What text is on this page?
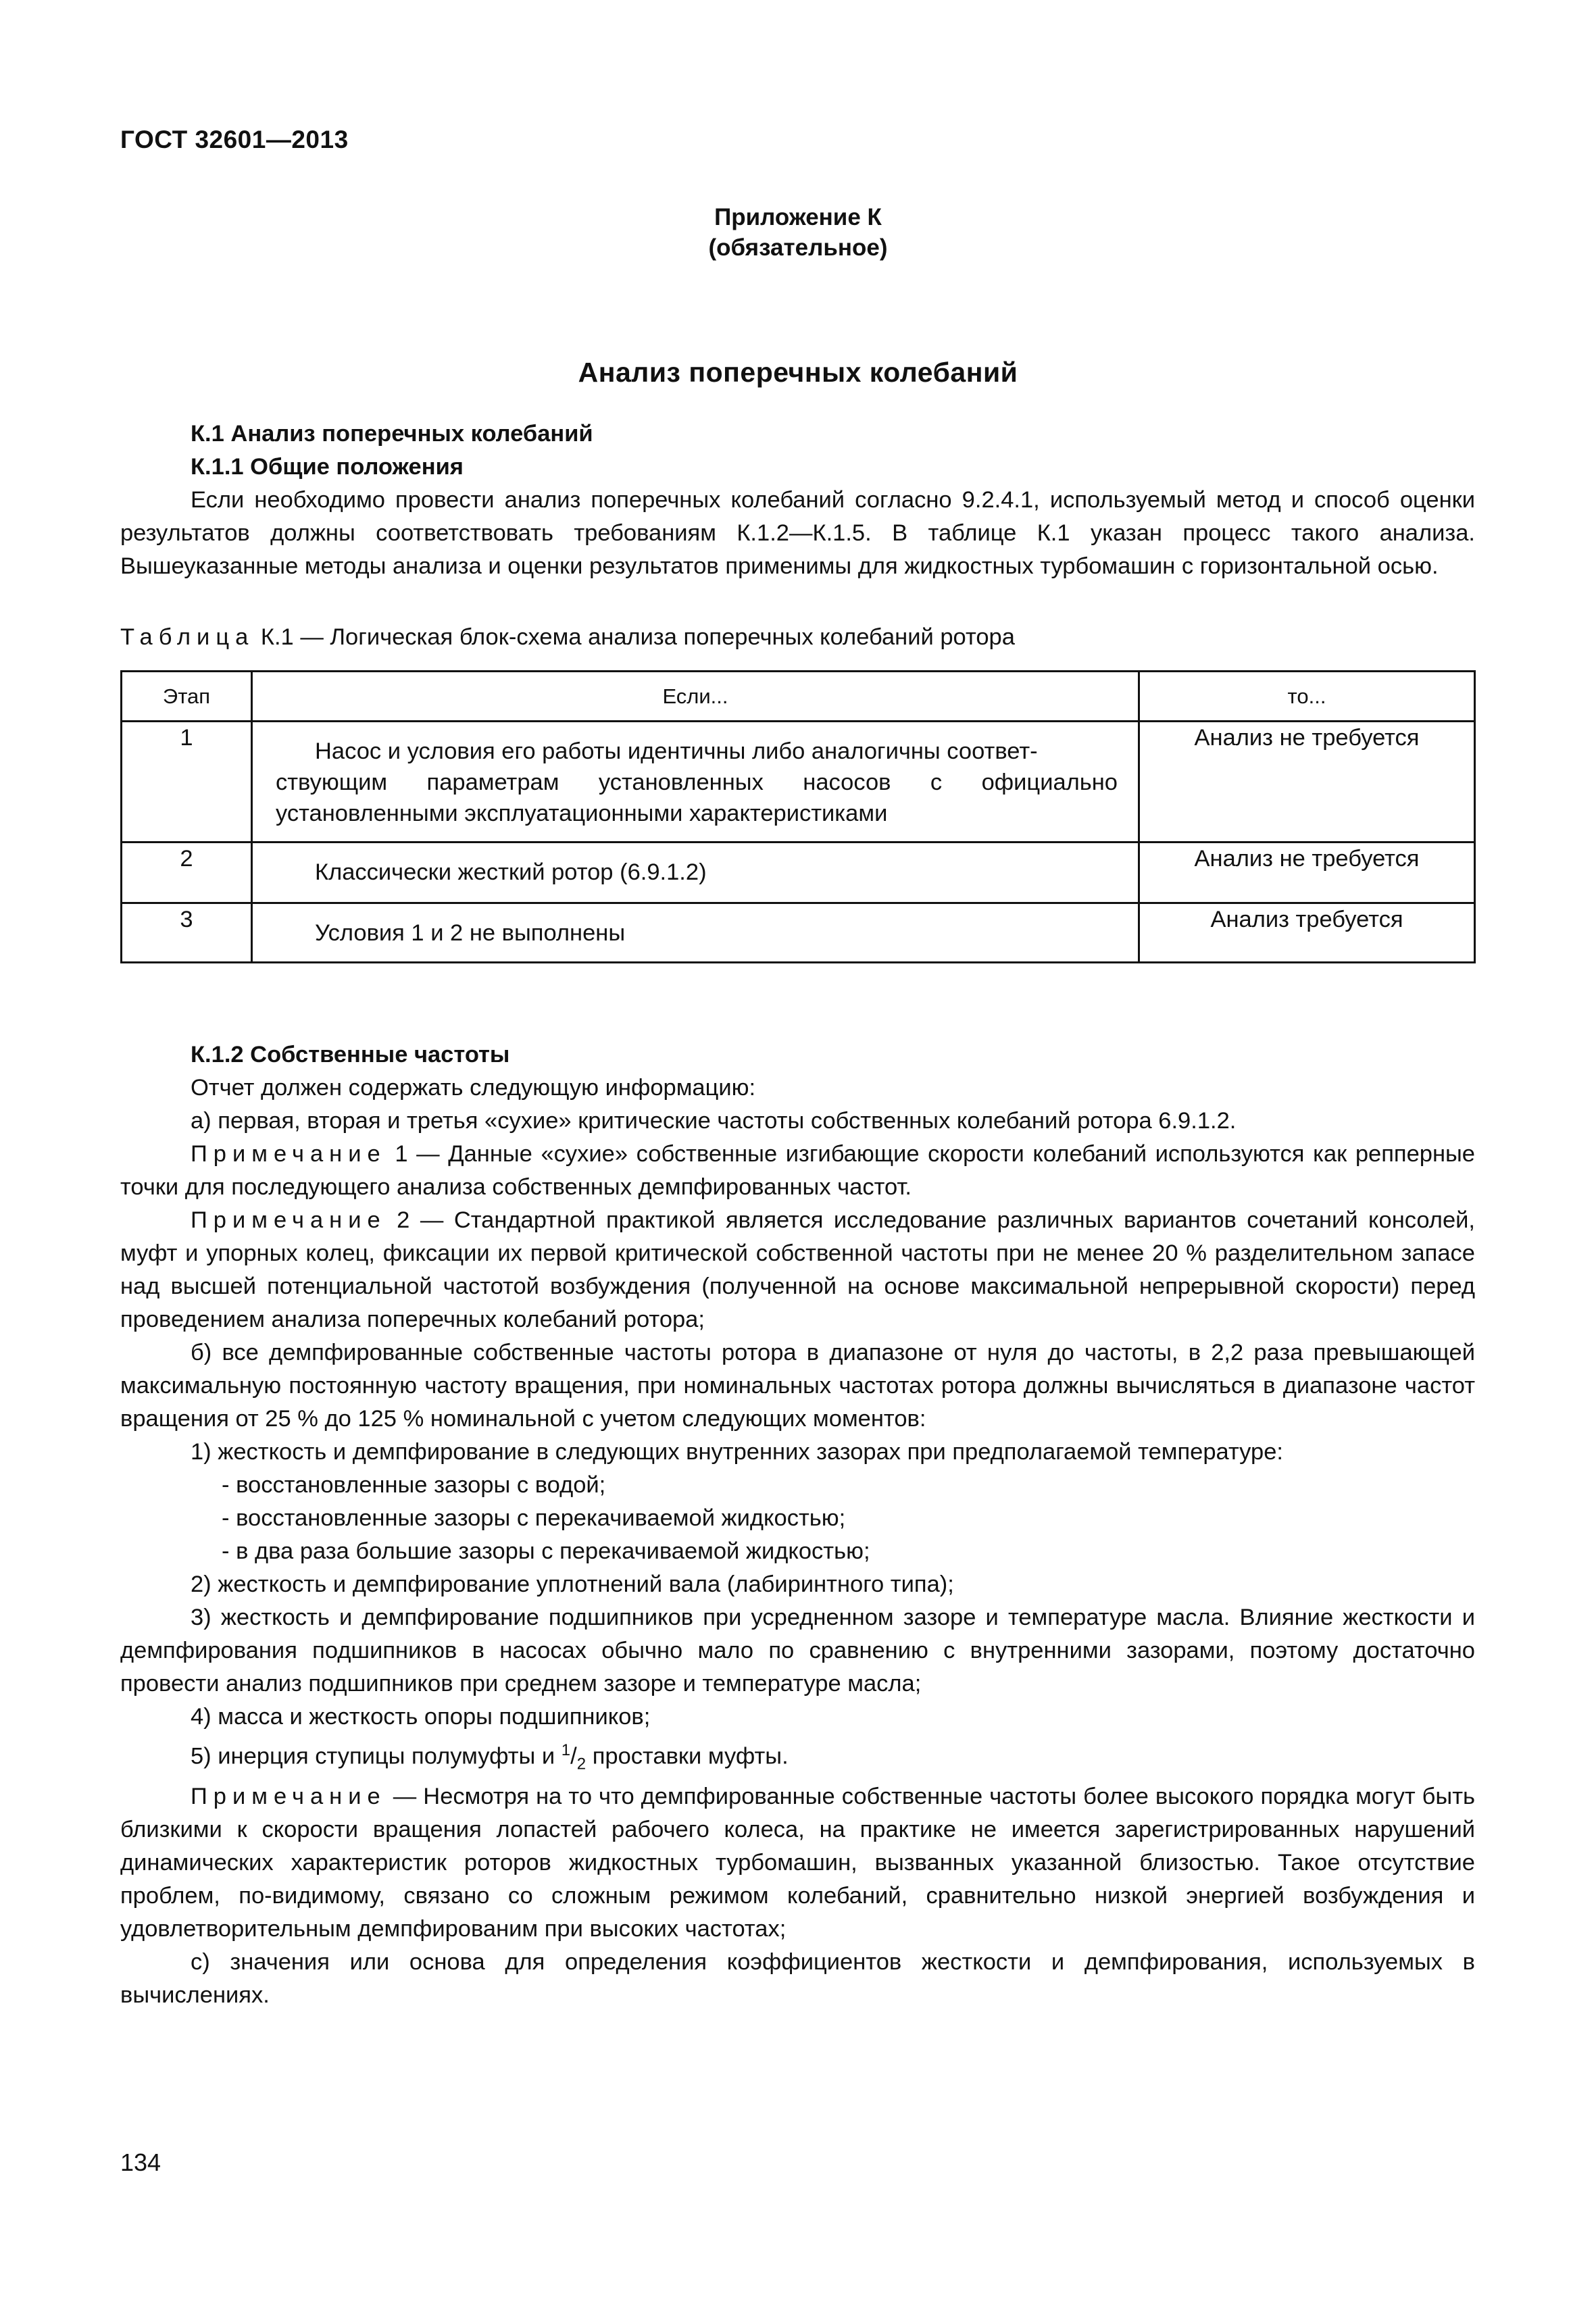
ГОСТ 32601—2013
Приложение К
(обязательное)
Анализ поперечных колебаний

К.1 Анализ поперечных колебаний

К.1.1 Общие положения

Если необходимо провести анализ поперечных колебаний согласно 9.2.4.1, используемый метод и способ оценки результатов должны соответствовать требованиям К.1.2—К.1.5. В таблице К.1 указан процесс такого анализа. Вышеуказанные методы анализа и оценки результатов применимы для жидкостных турбомашин с горизонтальной осью.

Таблица К.1 — Логическая блок-схема анализа поперечных колебаний ротора
Этап	Если...	то...
1	Насос и условия его работы идентичны либо аналогичны соответ-
ствующим параметрам установленных насосов с официально установленными эксплуатационными характеристиками	Анализ не требуется
2	Классически жесткий ротор (6.9.1.2)	Анализ не требуется
3	Условия 1 и 2 не выполнены	Анализ требуется

К.1.2 Собственные частоты

Отчет должен содержать следующую информацию:

а) первая, вторая и третья «сухие» критические частоты собственных колебаний ротора 6.9.1.2.

Примечание 1 — Данные «сухие» собственные изгибающие скорости колебаний используются как репперные точки для последующего анализа собственных демпфированных частот.

Примечание 2 — Стандартной практикой является исследование различных вариантов сочетаний консолей, муфт и упорных колец, фиксации их первой критической собственной частоты при не менее 20 % разделительном запасе над высшей потенциальной частотой возбуждения (полученной на основе максимальной непрерывной скорости) перед проведением анализа поперечных колебаний ротора;

б) все демпфированные собственные частоты ротора в диапазоне от нуля до частоты, в 2,2 раза превышающей максимальную постоянную частоту вращения, при номинальных частотах ротора должны вычисляться в диапазоне частот вращения от 25 % до 125 % номинальной с учетом следующих моментов:

1) жесткость и демпфирование в следующих внутренних зазорах при предполагаемой температуре:

- восстановленные зазоры с водой;

- восстановленные зазоры с перекачиваемой жидкостью;

- в два раза большие зазоры с перекачиваемой жидкостью;

2) жесткость и демпфирование уплотнений вала (лабиринтного типа);

3) жесткость и демпфирование подшипников при усредненном зазоре и температуре масла. Влияние жесткости и демпфирования подшипников в насосах обычно мало по сравнению с внутренними зазорами, поэтому достаточно провести анализ подшипников при среднем зазоре и температуре масла;

4) масса и жесткость опоры подшипников;

5) инерция ступицы полумуфты и $^1/_2$ проставки муфты.

Примечание — Несмотря на то что демпфированные собственные частоты более высокого порядка могут быть близкими к скорости вращения лопастей рабочего колеса, на практике не имеется зарегистрированных нарушений динамических характеристик роторов жидкостных турбомашин, вызванных указанной близостью. Такое отсутствие проблем, по-видимому, связано со сложным режимом колебаний, сравнительно низкой энергией возбуждения и удовлетворительным демпфированим при высоких частотах;

с) значения или основа для определения коэффициентов жесткости и демпфирования, используемых в вычислениях.

134
